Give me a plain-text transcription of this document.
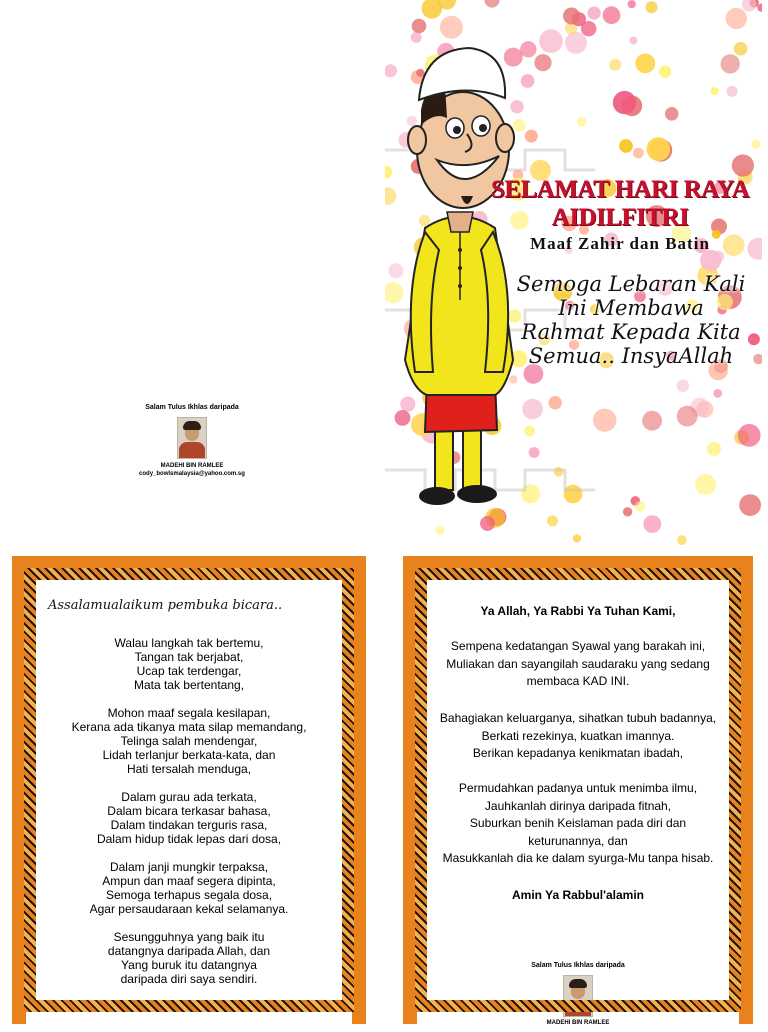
Salam Tulus Ikhlas daripada
MADEHI BIN RAMLEE
cody_bowlsmalaysia@yahoo.com.sg
SELAMAT HARI RAYA
AIDILFITRI
Maaf Zahir dan Batin
Semoga Lebaran Kali
Ini Membawa
Rahmat Kepada Kita
Semua.. InsyaAllah
Assalamualaikum pembuka bicara..
Walau langkah tak bertemu,
Tangan tak berjabat,
Ucap tak terdengar,
Mata tak bertentang,
Mohon maaf segala kesilapan,
Kerana ada tikanya mata silap memandang,
Telinga salah mendengar,
Lidah terlanjur berkata-kata, dan
Hati tersalah menduga,
Dalam gurau ada terkata,
Dalam bicara terkasar bahasa,
Dalam tindakan terguris rasa,
Dalam hidup tidak lepas dari dosa,
Dalam janji mungkir terpaksa,
Ampun dan maaf segera dipinta,
Semoga terhapus segala dosa,
Agar persaudaraan kekal selamanya.
Sesungguhnya yang baik itu
datangnya daripada Allah, dan
Yang buruk itu datangnya
daripada diri saya sendiri.
Ya Allah, Ya Rabbi Ya Tuhan Kami,
Sempena kedatangan Syawal yang barakah ini,
Muliakan dan sayangilah saudaraku yang sedang
membaca KAD INI.
Bahagiakan keluarganya, sihatkan tubuh badannya,
Berkati rezekinya, kuatkan imannya.
Berikan kepadanya kenikmatan ibadah,
Permudahkan padanya untuk menimba ilmu,
Jauhkanlah dirinya daripada fitnah,
Suburkan benih Keislaman pada diri dan
keturunannya, dan
Masukkanlah dia ke dalam syurga-Mu tanpa hisab.
Amin Ya Rabbul'alamin
Salam Tulus Ikhlas daripada
MADEHI BIN RAMLEE
